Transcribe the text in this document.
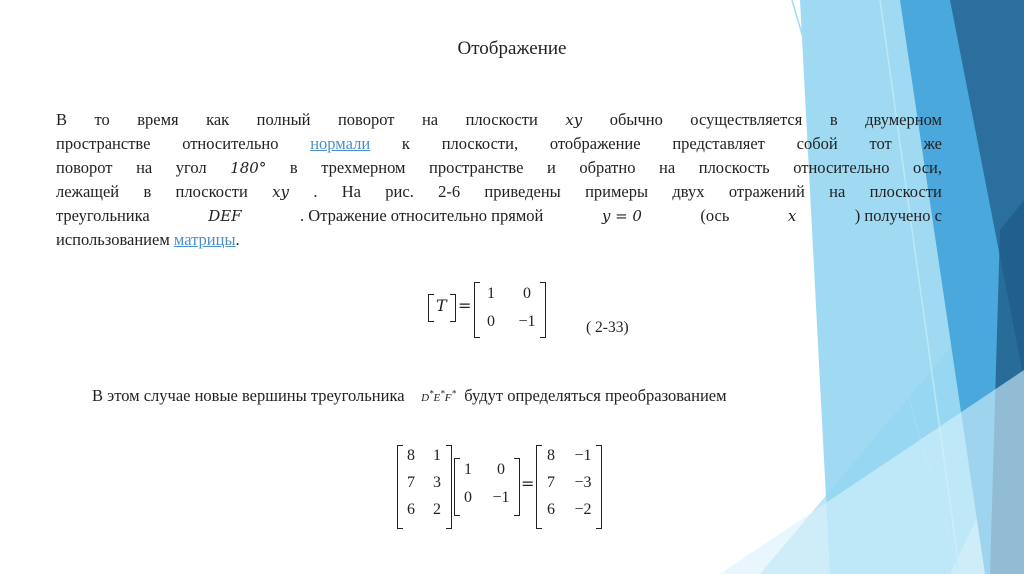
Отображение
В то время как полный поворот на плоскости xy обычно осуществляется в двумерном
пространстве относительно нормали к плоскости, отображение представляет собой тот же
поворот на угол 180° в трехмерном пространстве и обратно на плоскость относительно оси,
лежащей в плоскости xy . На рис. 2-6 приведены примеры двух отражений на плоскости
треугольника	DEF	. Отражение относительно прямой	y = 0	(ось	x	) получено с
использованием
матрицы .
T =
1	0
0	−1	( 2-33)
В этом случае новые вершины треугольника D*E*F* будут определяться преобразованием
8	1
7	3
6	2
1	0
0	−1
=
8	−1
7	−3
6	−2
